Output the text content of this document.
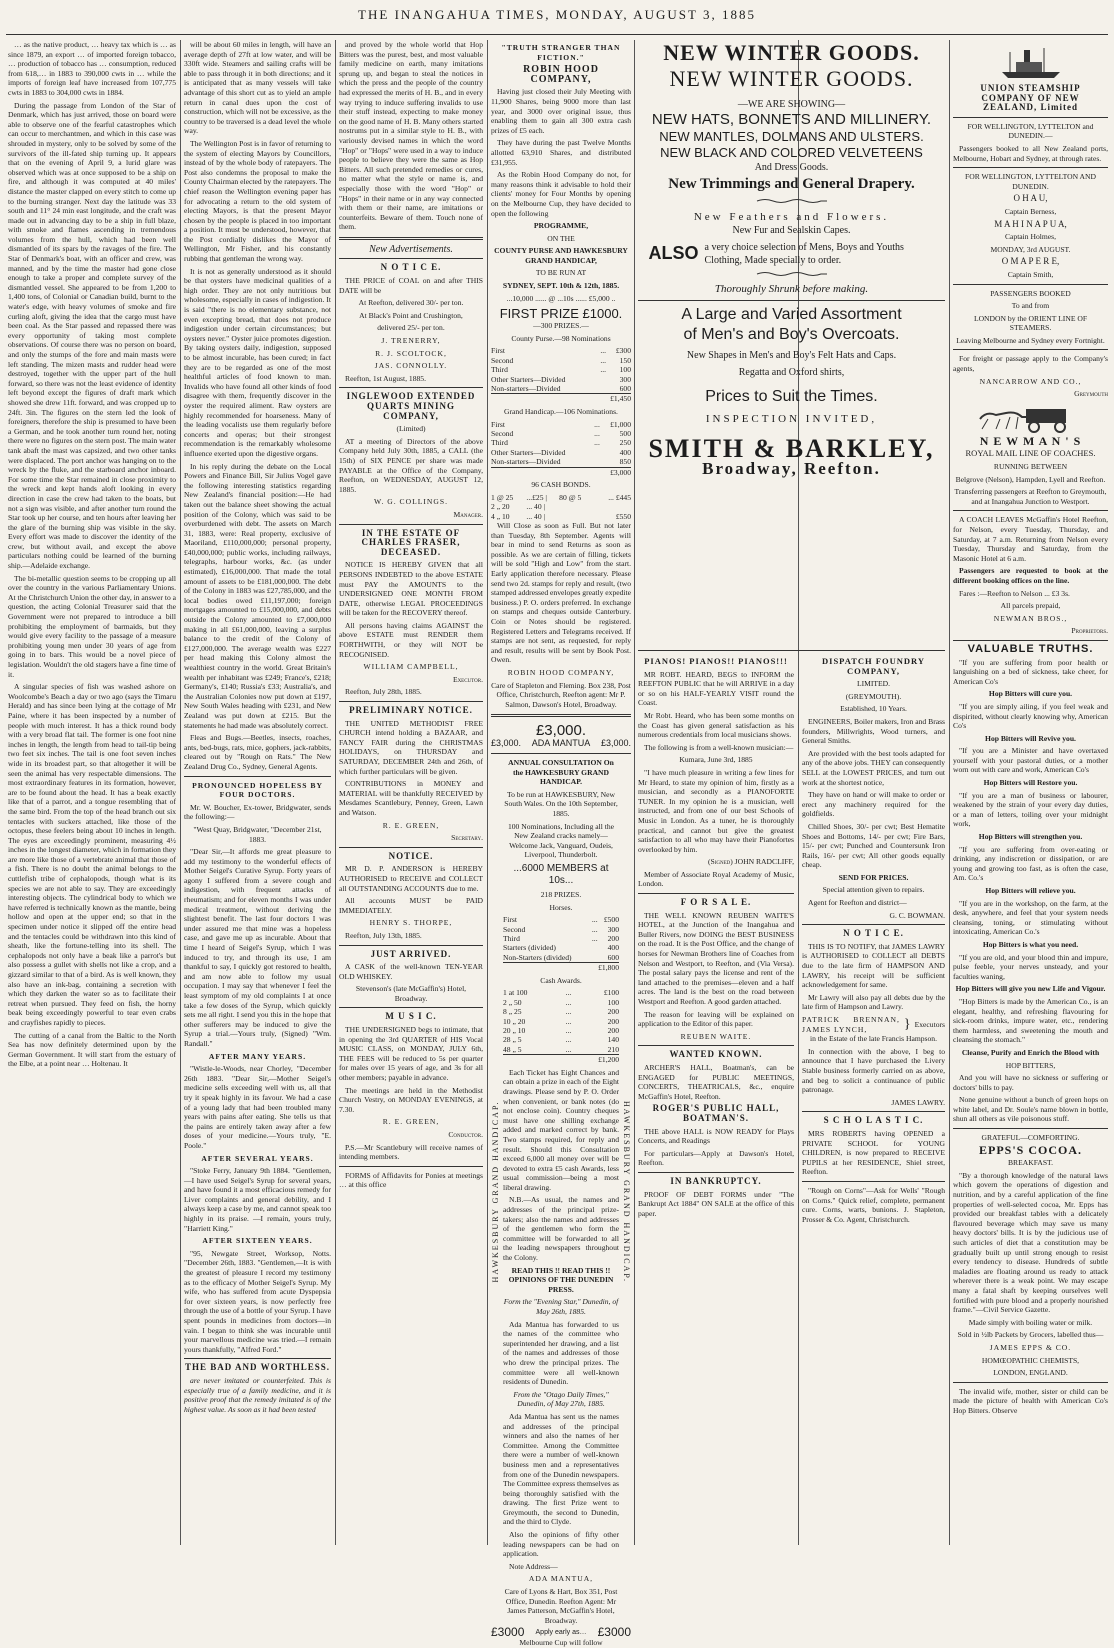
THE INANGAHUA TIMES, MONDAY, AUGUST 3, 1885

… as the native product, … heavy tax which is … as since 1879, an export … of imported foreign tobacco, … production of tobacco has … consumption, reduced from 618,… in 1883 to 390,000 cwts in … while the imports of foreign leaf have increased from 107,775 cwts in 1883 to 304,000 cwts in 1884.

During the passage from London of the Star of Denmark, which has just arrived, those on board were able to observe one of the fearful catastrophes which can occur to merchantmen, and which in this case was shrouded in mystery, only to be solved by some of the survivors of the ill-fated ship turning up. It appears that on the evening of April 9, a lurid glare was observed which was at once supposed to be a ship on fire, and although it was computed at 40 miles' distance the master clapped on every stitch to come up to the burning stranger. Next day the latitude was 33 south and 11° 24 min east longitude, and the craft was made out in advancing day to be a ship in full blaze, with smoke and flames ascending in tremendous volumes from the hull, which had been well dismantled of its spars by the ravages of the fire. The Star of Denmark's boat, with an officer and crew, was manned, and by the time the master had gone close enough to take a proper and complete survey of the dismantled vessel. She appeared to be from 1,200 to 1,400 tons, of Colonial or Canadian build, burnt to the water's edge, with heavy volumes of smoke and fire curling aloft, giving the idea that the cargo must have been coal. As the Star passed and repassed there was every opportunity of taking most complete observations. Of course there was no person on board, and only the stumps of the fore and main masts were left standing. The mizen masts and rudder head were destroyed, together with the upper part of the hull forward, so there was not the least evidence of identity left beyond except the figures of draft mark which showed she drew 11ft. forward, and was cropped up to 24ft. 3in. The figures on the stern led the look of foreigners, therefore the ship is presumed to have been a German, and he took another turn round her, noting there were no figures on the stern post. The main water tank abaft the mast was capsized, and two other tanks were displaced. The port anchor was hanging on to the wreck by the fluke, and the starboard anchor inboard. For some time the Star remained in close proximity to the wreck and kept hands aloft looking in every direction in case the crew had taken to the boats, but not a sign was visible, and after another turn round the Star took up her course, and ten hours after leaving her the glare of the burning ship was visible in the sky. Every effort was made to discover the identity of the crew, but without avail, and except the above particulars nothing could be learned of the burning ship.—Adelaide exchange.

The bi-metallic question seems to be cropping up all over the country in the various Parliamentary Unions. At the Christchurch Union the other day, in answer to a question, the acting Colonial Treasurer said that the Government were not prepared to introduce a bill prohibiting the employment of barmaids, but they would give every facility to the passage of a measure prohibiting young men under 30 years of age from going in to bars. This would be a novel piece of legislation. Wouldn't the old stagers have a fine time of it.

A singular species of fish was washed ashore on Woolcombe's Beach a day or two ago (says the Timaru Herald) and has since been lying at the cottage of Mr Paine, where it has been inspected by a number of people with much interest. It has a thick round body with a very broad flat tail. The former is one foot nine inches in length, the length from head to tail-tip being two feet six inches. The tail is one foot seven inches wide in its broadest part, so that altogether it will be seen the animal has very respectable dimensions. The most extraordinary features in its formation, however, are to be found about the head. It has a beak exactly like that of a parrot, and a tongue resembling that of the same bird. From the top of the head branch out six tentacles with suckers attached, like those of the octopus, these feelers being about 10 inches in length. The eyes are exceedingly prominent, measuring 4½ inches in the longest diameter, which in formation they are more like those of a vertebrate animal that those of a fish. There is no doubt the animal belongs to the cuttlefish tribe of cephalopods, though what is its species we are not able to say. They are exceedingly interesting objects. The cylindrical body to which we have referred is technically known as the mantle, being hollow and open at the upper end; so that in the specimen under notice it slipped off the entire head and the tentacles could be withdrawn into this kind of sheath, like the fortune-telling into its shell. The cephalopods not only have a beak like a parrot's but also possess a gullet with shells not like a crop, and a gizzard similar to that of a bird. As is well known, they also have an ink-bag, containing a secretion with which they darken the water so as to facilitate their retreat when pursued. They feed on fish, the horny beak being exceedingly powerful to tear even crabs and crayfishes rapidly to pieces.

The cutting of a canal from the Baltic to the North Sea has now definitely determined upon by the German Government. It will start from the estuary of the Elbe, at a point near … Holtenau. It

will be about 60 miles in length, will have an average depth of 27ft at low water, and will be 330ft wide. Steamers and sailing crafts will be able to pass through it in both directions; and it is anticipated that as many vessels will take advantage of this short cut as to yield an ample return in canal dues upon the cost of construction, which will not be excessive, as the country to be traversed is a dead level the whole way.

The Wellington Post is in favor of returning to the system of electing Mayors by Councillors, instead of by the whole body of ratepayers. The Post also condemns the proposal to make the County Chairman elected by the ratepayers. The chief reason the Wellington evening paper has for advocating a return to the old system of electing Mayors, is that the present Mayor chosen by the people is placed in too important a position. It must be understood, however, that the Post cordially dislikes the Mayor of Wellington, Mr Fisher, and his constantly rubbing that gentleman the wrong way.

It is not as generally understood as it should be that oysters have medicinal qualities of a high order. They are not only nutritious but wholesome, especially in cases of indigestion. It is said "there is no elementary substance, not even excepting bread, that does not produce indigestion under certain circumstances; but oysters never." Oyster juice promotes digestion. By taking oysters daily, indigestion, supposed to be almost incurable, has been cured; in fact they are to be regarded as one of the most healthful articles of food known to man. Invalids who have found all other kinds of food disagree with them, frequently discover in the oyster the required aliment. Raw oysters are highly recommended for hoarseness. Many of the leading vocalists use them regularly before concerts and operas; but their strongest recommendation is the remarkably wholesome influence exerted upon the digestive organs.

In his reply during the debate on the Local Powers and Finance Bill, Sir Julius Vogel gave the following interesting statistics regarding New Zealand's financial position:—He had taken out the balance sheet showing the actual position of the Colony, which was said to be overburdened with debt. The assets on March 31, 1883, were: Real property, exclusive of Maoriland, £110,000,000; personal property, £40,000,000; public works, including railways, telegraphs, harbour works, &c. (as under estimated), £16,000,000. That made the total amount of assets to be £181,000,000. The debt of the Colony in 1883 was £27,785,000, and the local bodies owed £11,197,000; foreign mortgages amounted to £15,000,000, and debts outside the Colony amounted to £7,000,000 making in all £61,000,000, leaving a surplus balance to the credit of the Colony of £127,000,000. The average wealth was £227 per head making this Colony almost the wealthiest country in the world. Great Britain's wealth per inhabitant was £249; France's, £218; Germany's, £140; Russia's £33; Australia's, and the Australian Colonies now put down at £197, New South Wales heading with £231, and New Zealand was put down at £215. But the statements he had made was absolutely correct.

Fleas and Bugs.—Beetles, insects, roaches, ants, bed-bugs, rats, mice, gophers, jack-rabbits, cleared out by "Rough on Rats." The New Zealand Drug Co., Sydney, General Agents.

PRONOUNCED HOPELESS BY FOUR DOCTORS.

Mr. W. Boucher, Ex-tower, Bridgwater, sends the following:—

"West Quay, Bridgwater, "December 21st, 1883.

"Dear Sir,—It affords me great pleasure to add my testimony to the wonderful effects of Mother Seigel's Curative Syrup. Forty years of agony I suffered from a severe cough and indigestion, with frequent attacks of rheumatism; and for eleven months I was under medical treatment, without deriving the slightest benefit. The last four doctors I was under assured me that mine was a hopeless case, and gave me up as incurable. About that time I heard of Seigel's Syrup, which I was induced to try, and through its use, I am thankful to say, I quickly got restored to health, and am now able to follow my usual occupation. I may say that whenever I feel the least symptom of my old complaints I at once take a few doses of the Syrup, which quickly sets me all right. I send you this in the hope that other sufferers may be induced to give the Syrup a trial.—Yours truly, (Signed) "Wm. Randall."

AFTER MANY YEARS.

"Wistle-le-Woods, near Chorley, "December 26th 1883. "Dear Sir,—Mother Seigel's medicine sells exceeding well with us, all that try it speak highly in its favour. We had a case of a young lady that had been troubled many years with pains after eating. She tells us that the pains are entirely taken away after a few doses of your medicine.—Yours truly, "E. Poole."

AFTER SEVERAL YEARS.

"Stoke Ferry, January 9th 1884. "Gentlemen,—I have used Seigel's Syrup for several years, and have found it a most efficacious remedy for Liver complaints and general debility, and I always keep a case by me, and cannot speak too highly in its praise. —I remain, yours truly, "Harriett King."

AFTER SIXTEEN YEARS.

"95, Newgate Street, Worksop, Notts. "December 26th, 1883. "Gentlemen,—It is with the greatest of pleasure I record my testimony as to the efficacy of Mother Seigel's Syrup. My wife, who has suffered from acute Dyspepsia for over sixteen years, is now perfectly free through the use of a bottle of your Syrup. I have spent pounds in medicines from doctors—in vain. I began to think she was incurable until your marvellous medicine was tried.—I remain yours thankfully, "Alfred Ford."

THE BAD AND WORTHLESS.

are never imitated or counterfeited. This is especially true of a family medicine, and it is positive proof that the remedy imitated is of the highest value. As soon as it had been tested

and proved by the whole world that Hop Bitters was the purest, best, and most valuable family medicine on earth, many imitations sprung up, and began to steal the notices in which the press and the people of the country had expressed the merits of H. B., and in every way trying to induce suffering invalids to use their stuff instead, expecting to make money on the good name of H. B. Many others started nostrums put in a similar style to H. B., with variously devised names in which the word "Hop" or "Hops" were used in a way to induce people to believe they were the same as Hop Bitters. All such pretended remedies or cures, no matter what the style or name is, and especially those with the word "Hop" or "Hops" in their name or in any way connected with them or their name, are imitations or counterfeits. Beware of them. Touch none of them.

New Advertisements.
N O T I C E.

THE PRICE of COAL on and after THIS DATE will be

At Reefton, delivered 30/- per ton.

At Black's Point and Crushington,

delivered 25/- per ton.

J. TRENERRY,

R. J. SCOLTOCK,

JAS. CONNOLLY.

Reefton, 1st August, 1885.

INGLEWOOD EXTENDED QUARTS MINING COMPANY,

(Limited)

AT a meeting of Directors of the above Company held July 30th, 1885, a CALL (the 15th) of SIX PENCE per share was made PAYABLE at the Office of the Company, Reefton, on WEDNESDAY, AUGUST 12, 1885.

W. G. COLLINGS.

Manager.

IN THE ESTATE OF CHARLES FRASER, DECEASED.

NOTICE IS HEREBY GIVEN that all PERSONS INDEBTED to the above ESTATE must PAY the AMOUNTS to the UNDERSIGNED ONE MONTH FROM DATE, otherwise LEGAL PROCEEDINGS will be taken for the RECOVERY thereof.

All persons having claims AGAINST the above ESTATE must RENDER them FORTHWITH, or they will NOT be RECOGNISED.

WILLIAM CAMPBELL,

Executor.

Reefton, July 28th, 1885.

PRELIMINARY NOTICE.

THE UNITED METHODIST FREE CHURCH intend holding a BAZAAR, and FANCY FAIR during the CHRISTMAS HOLIDAYS, on THURSDAY and SATURDAY, DECEMBER 24th and 26th, of which further particulars will be given.

CONTRIBUTIONS in MONEY and MATERIAL will be thankfully RECEIVED by Mesdames Scantlebury, Penney, Green, Lawn and Watson.

R. E. GREEN,

Secretary.

NOTICE.

MR D. P. ANDERSON is HEREBY AUTHORISED to RECEIVE and COLLECT all OUTSTANDING ACCOUNTS due to me.

All accounts MUST be PAID IMMEDIATELY.

HENRY S. THORPE,

Reefton, July 13th, 1885.

JUST ARRIVED.

A CASK of the well-known TEN-YEAR OLD WHISKEY.

Stevenson's (late McGaffin's) Hotel, Broadway.

M U S I C.

THE UNDERSIGNED begs to intimate, that in opening the 3rd QUARTER of HIS Vocal MUSIC CLASS, on MONDAY, JULY 6th, THE FEES will be reduced to 5s per quarter for males over 15 years of age, and 3s for all other members; payable in advance.

The meetings are held in the Methodist Church Vestry, on MONDAY EVENINGS, at 7.30.

R. E. GREEN,

Conductor.

P.S.—Mr Scantlebury will receive names of intending members.

FORMS of Affidavits for Ponies at meetings … at this office

"TRUTH STRANGER THAN FICTION."
ROBIN HOOD COMPANY,

Having just closed their July Meeting with 11,900 Shares, being 9000 more than last year, and 3000 over original issue, thus enabling them to gain all 300 extra cash prizes of £5 each.

They have during the past Twelve Months allotted 63,910 Shares, and distributed £31,955.

As the Robin Hood Company do not, for many reasons think it advisable to hold their clients' money for Four Months by opening on the Melbourne Cup, they have decided to open the following

PROGRAMME,

ON THE

COUNTY PURSE AND HAWKESBURY GRAND HANDICAP,

TO BE RUN AT

SYDNEY, SEPT. 10th & 12th, 1885.

...10,000 ...... @ ...10s ...... £5,000 ..

FIRST PRIZE £1000.

—300 PRIZES.—

County Purse.—98 Nominations

First	...	£300
Second	...	150
Third	...	100
Other Starters—Divided		300
Non-starters—Divided		600

£1,450

Grand Handicap.—106 Nominations.

First	...	£1,000
Second	...	500
Third	...	250
Other Starters—Divided		400
Non-starters—Divided		850

£3,000

96 CASH BONDS.

1 @ 25	...£25 |	80 @ 5	... £445
2 „ 20	... 40 |		
4 „ 10	... 40 |		£550

Will Close as soon as Full. But not later than Tuesday, 8th September. Agents will bear in mind to send Returns as soon as possible. As we are certain of filling, tickets will be sold "High and Low" from the start. Early application therefore necessary. Please send two 2d. stamps for reply and result, (two stamped addressed envelopes greatly expedite business.) P. O. orders preferred. In exchange on stamps and cheques outside Canterbury. Coin or Notes should be registered. Registered Letters and Telegrams received. If stamps are not sent, as requested, for reply and result, results will be sent by Book Post. Owen.

ROBIN HOOD COMPANY,

Care of Stapleton and Fleming. Box 238, Post Office, Christchurch, Reefton agent: Mr P. Salmon, Dawson's Hotel, Broadway.

£3,000.
£3,000. ADA MANTUA £3,000.
HAWKESBURY GRAND HANDICAP.	HAWKESBURY GRAND HANDICAP.

ANNUAL CONSULTATION On the HAWKESBURY GRAND HANDICAP.

To be run at HAWKESBURY, New South Wales. On the 10th September, 1885.

100 Nominations, Including all the New Zealand cracks namely—Welcome Jack, Vanguard, Oudeis, Liverpool, Thunderbolt.

...6000 MEMBERS at 10s...

218 PRIZES.

Horses.

First	...	£500
Second	...	300
Third	...	200
Starters (divided)		400
Non-Starters (divided)		600

£1,800

Cash Awards.

1 at 100	...	£100
2 „ 50	...	100
8 „ 25	...	200
10 „ 20	...	200
20 „ 10	...	200
28 „ 5	...	140
48 „ 5	...	210

£1,200

Each Ticket has Eight Chances and can obtain a prize in each of the Eight drawings. Please send by P. O. Order when convenient, or bank notes (do not enclose coin). Country cheques must have one shilling exchange added and marked correct by bank. Two stamps required, for reply and result. Should this Consultation exceed 6,000 all money over will be devoted to extra £5 cash Awards, less usual commission—being a most liberal drawing.

N.B.—As usual, the names and addresses of the principal prize-takers; also the names and addresses of the gentlemen who form the committee will be forwarded to all the leading newspapers throughout the Colony.

READ THIS !! READ THIS !! OPINIONS OF THE DUNEDIN PRESS.

Form the "Evening Star," Dunedin, of May 26th, 1885.

Ada Mantua has forwarded to us the names of the committee who superintended her drawing, and a list of the names and addresses of those who drew the principal prizes. The committee were all well-known residents of Dunedin.

From the "Otago Daily Times," Dunedin, of May 27th, 1885.

Ada Mantua has sent us the names and addresses of the principal winners and also the names of her Committee. Among the Committee there were a number of well-known business men and a representatives from one of the Dunedin newspapers. The Committee express themselves as being thoroughly satisfied with the drawing. The first Prize went to Greymouth, the second to Dunedin, and the third to Clyde.

Also the opinions of fifty other leading newspapers can be had on application.

Note Address—

ADA MANTUA,

Care of Lyons & Hart, Box 351, Post Office, Dunedin. Reefton Agent: Mr James Patterson, McGaffin's Hotel, Broadway.

£3000 Apply early as… £3000

Melbourne Cup will follow

PIANOS! PIANOS!! PIANOS!!!

MR ROBT. HEARD, BEGS to INFORM the REEFTON PUBLIC that he will ARRIVE in a day or so on his HALF-YEARLY VISIT round the Coast.

Mr Robt. Heard, who has been some months on the Coast has given general satisfaction as his numerous credentials from local musicians shows.

The following is from a well-known musician:—

Kumara, June 3rd, 1885

"I have much pleasure in writing a few lines for Mr Heard, to state my opinion of him, firstly as a musician, and secondly as a PIANOFORTE TUNER. In my opinion he is a musician, well instructed, and from one of our best Schools of Music in London. As a tuner, he is thoroughly practical, and cannot but give the greatest satisfaction to all who may have their Pianofortes overlooked by him.

(Signed) JOHN RADCLIFF,

Member of Associate Royal Academy of Music, London.

F O R S A L E.

THE WELL KNOWN REUBEN WAITE'S HOTEL, at the Junction of the Inangahua and Buller Rivers, now DOING the BEST BUSINESS on the road. It is the Post Office, and the change of horses for Newman Brothers line of Coaches from Nelson and Westport, to Reefton, and (Via Versa). The postal salary pays the license and rent of the land attached to the premises—eleven and a half acres. The land is the best on the road between Westport and Reefton. A good garden attached.

The reason for leaving will be explained on application to the Editor of this paper.

REUBEN WAITE.

WANTED KNOWN.

ARCHER'S HALL, Boatman's, can be ENGAGED for PUBLIC MEETINGS, CONCERTS, THEATRICALS, &c., enquire McGaffin's Hotel, Reefton.

ROGER'S PUBLIC HALL, BOATMAN'S.

THE above HALL is NOW READY for Plays Concerts, and Readings

For particulars—Apply at Dawson's Hotel, Reefton.

IN BANKRUPTCY.

PROOF OF DEBT FORMS under "The Bankrupt Act 1884" ON SALE at the office of this paper.

NEW WINTER GOODS.
NEW WINTER GOODS.
—WE ARE SHOWING—
NEW HATS, BONNETS AND MILLINERY.
NEW MANTLES, DOLMANS AND ULSTERS.
NEW BLACK AND COLORED VELVETEENS
And Dress Goods.
New Trimmings and General Drapery.
New Feathers and Flowers.
New Fur and Sealskin Capes.
ALSO a very choice selection of Mens, Boys and Youths Clothing, Made specially to order.
Thoroughly Shrunk before making.
A Large and Varied Assortment
of Men's and Boy's Overcoats.
New Shapes in Men's and Boy's Felt Hats and Caps.
Regatta and Oxford shirts,
Prices to Suit the Times.
INSPECTION INVITED,
SMITH & BARKLEY,
Broadway, Reefton.
DISPATCH FOUNDRY COMPANY,

LIMITED.

(GREYMOUTH).

Established, 10 Years.

ENGINEERS, Boiler makers, Iron and Brass founders, Millwrights, Wood turners, and General Smiths.

Are provided with the best tools adapted for any of the above jobs. THEY can consequently SELL at the LOWEST PRICES, and turn out work at the shortest notice,

They have on hand or will make to order or erect any machinery required for the goldfields.

Chilled Shoes, 30/- per cwt; Best Hematite Shoes and Bottoms, 14/- per cwt; Fire Bars, 15/- per cwt; Punched and Countersunk Iron Rails, 16/- per cwt; All other goods equally cheap.

SEND FOR PRICES.

Special attention given to repairs.

Agent for Reefton and district—

G. C. BOWMAN.

N O T I C E.

THIS IS TO NOTIFY, that JAMES LAWRY is AUTHORISED to COLLECT all DEBTS due to the late firm of HAMPSON AND LAWRY, his receipt will be sufficient acknowledgement for same.

Mr Lawry will also pay all debts due by the late firm of Hampson and Lawry.

PATRICK BRENNAN, JAMES LYNCH,	} Executors

in the Estate of the late Francis Hampson.

In connection with the above, I beg to announce that I have purchased the Livery Stable business formerly carried on as above, and beg to solicit a continuance of public patronage.

JAMES LAWRY.

S C H O L A S T I C.

MRS ROBERTS having OPENED a PRIVATE SCHOOL for YOUNG CHILDREN, is now prepared to RECEIVE PUPILS at her RESIDENCE, Shiel street, Reefton.

"Rough on Corns"—Ask for Wells' "Rough on Corns." Quick relief, complete, permanent cure. Corns, warts, bunions. J. Stapleton, Prosser & Co. Agent, Christchurch.

UNION STEAMSHIP COMPANY OF NEW ZEALAND, Limited

FOR WELLINGTON, LYTTELTON and DUNEDIN.—

Passengers booked to all New Zealand ports, Melbourne, Hobart and Sydney, at through rates.

FOR WELLINGTON, LYTTELTON AND DUNEDIN.

O H A U,

Captain Berness,

M A H I N A P U A,

Captain Holmes,

MONDAY, 3rd AUGUST.

O M A P E R E,

Captain Smith,

PASSENGERS BOOKED

To and from

LONDON by the ORIENT LINE OF STEAMERS.

Leaving Melbourne and Sydney every Fortnight.

For freight or passage apply to the Company's agents,

NANCARROW AND CO.,

Greymouth

N E W M A N ' S

ROYAL MAIL LINE OF COACHES.

RUNNING BETWEEN

Belgrove (Nelson), Hampden, Lyell and Reefton.

Transferring passengers at Reefton to Greymouth, and at Inangahua Junction to Westport.

A COACH LEAVES McGaffin's Hotel Reefton, for Nelson, every Tuesday, Thursday, and Saturday, at 7 a.m. Returning from Nelson every Tuesday, Thursday and Saturday, from the Masonic Hotel at 6 a.m.

Passengers are requested to book at the different booking offices on the line.

Fares :—Reefton to Nelson ... £3 3s.

All parcels prepaid,

NEWMAN BROS.,

Proprietors.

VALUABLE TRUTHS.

"If you are suffering from poor health or languishing on a bed of sickness, take cheer, for American Co's

Hop Bitters will cure you.

"If you are simply ailing, if you feel weak and dispirited, without clearly knowing why, American Co's

Hop Bitters will Revive you.

"If you are a Minister and have overtaxed yourself with your pastoral duties, or a mother worn out with care and work, American Co's

Hop Bitters will Restore you.

"If you are a man of business or labourer, weakened by the strain of your every day duties, or a man of letters, toiling over your midnight work,

Hop Bitters will strengthen you.

"If you are suffering from over-eating or drinking, any indiscretion or dissipation, or are young and growing too fast, as is often the case, Am. Co.'s

Hop Bitters will relieve you.

"If you are in the workshop, on the farm, at the desk, anywhere, and feel that your system needs cleansing, toning, or stimulating without intoxicating, American Co.'s

Hop Bitters is what you need.

"If you are old, and your blood thin and impure, pulse feeble, your nerves unsteady, and your faculties waning,

Hop Bitters will give you new Life and Vigour.

"Hop Bitters is made by the American Co., is an elegant, healthy, and refreshing flavouring for sick-room drinks, impure water, etc., rendering them harmless, and sweetening the mouth and cleansing the stomach."

Cleanse, Purify and Enrich the Blood with

HOP BITTERS,

And you will have no sickness or suffering or doctors' bills to pay.

None genuine without a bunch of green hops on white label, and Dr. Soule's name blown in bottle, shun all others as vile poisonous stuff.

GRATEFUL—COMFORTING.

EPPS'S COCOA.

BREAKFAST.

"By a thorough knowledge of the natural laws which govern the operations of digestion and nutrition, and by a careful application of the fine properties of well-selected cocoa, Mr. Epps has provided our breakfast tables with a delicately flavoured beverage which may save us many heavy doctors' bills. It is by the judicious use of such articles of diet that a constitution may be gradually built up until strong enough to resist every tendency to disease. Hundreds of subtle maladies are floating around us ready to attack wherever there is a weak point. We may escape many a fatal shaft by keeping ourselves well fortified with pure blood and a properly nourished frame."—Civil Service Gazette.

Made simply with boiling water or milk.

Sold in ½lb Packets by Grocers, labelled thus—

JAMES EPPS & CO.

HOMŒOPATHIC CHEMISTS,

LONDON, ENGLAND.

The invalid wife, mother, sister or child can be made the picture of health with American Co's Hop Bitters. Observe
